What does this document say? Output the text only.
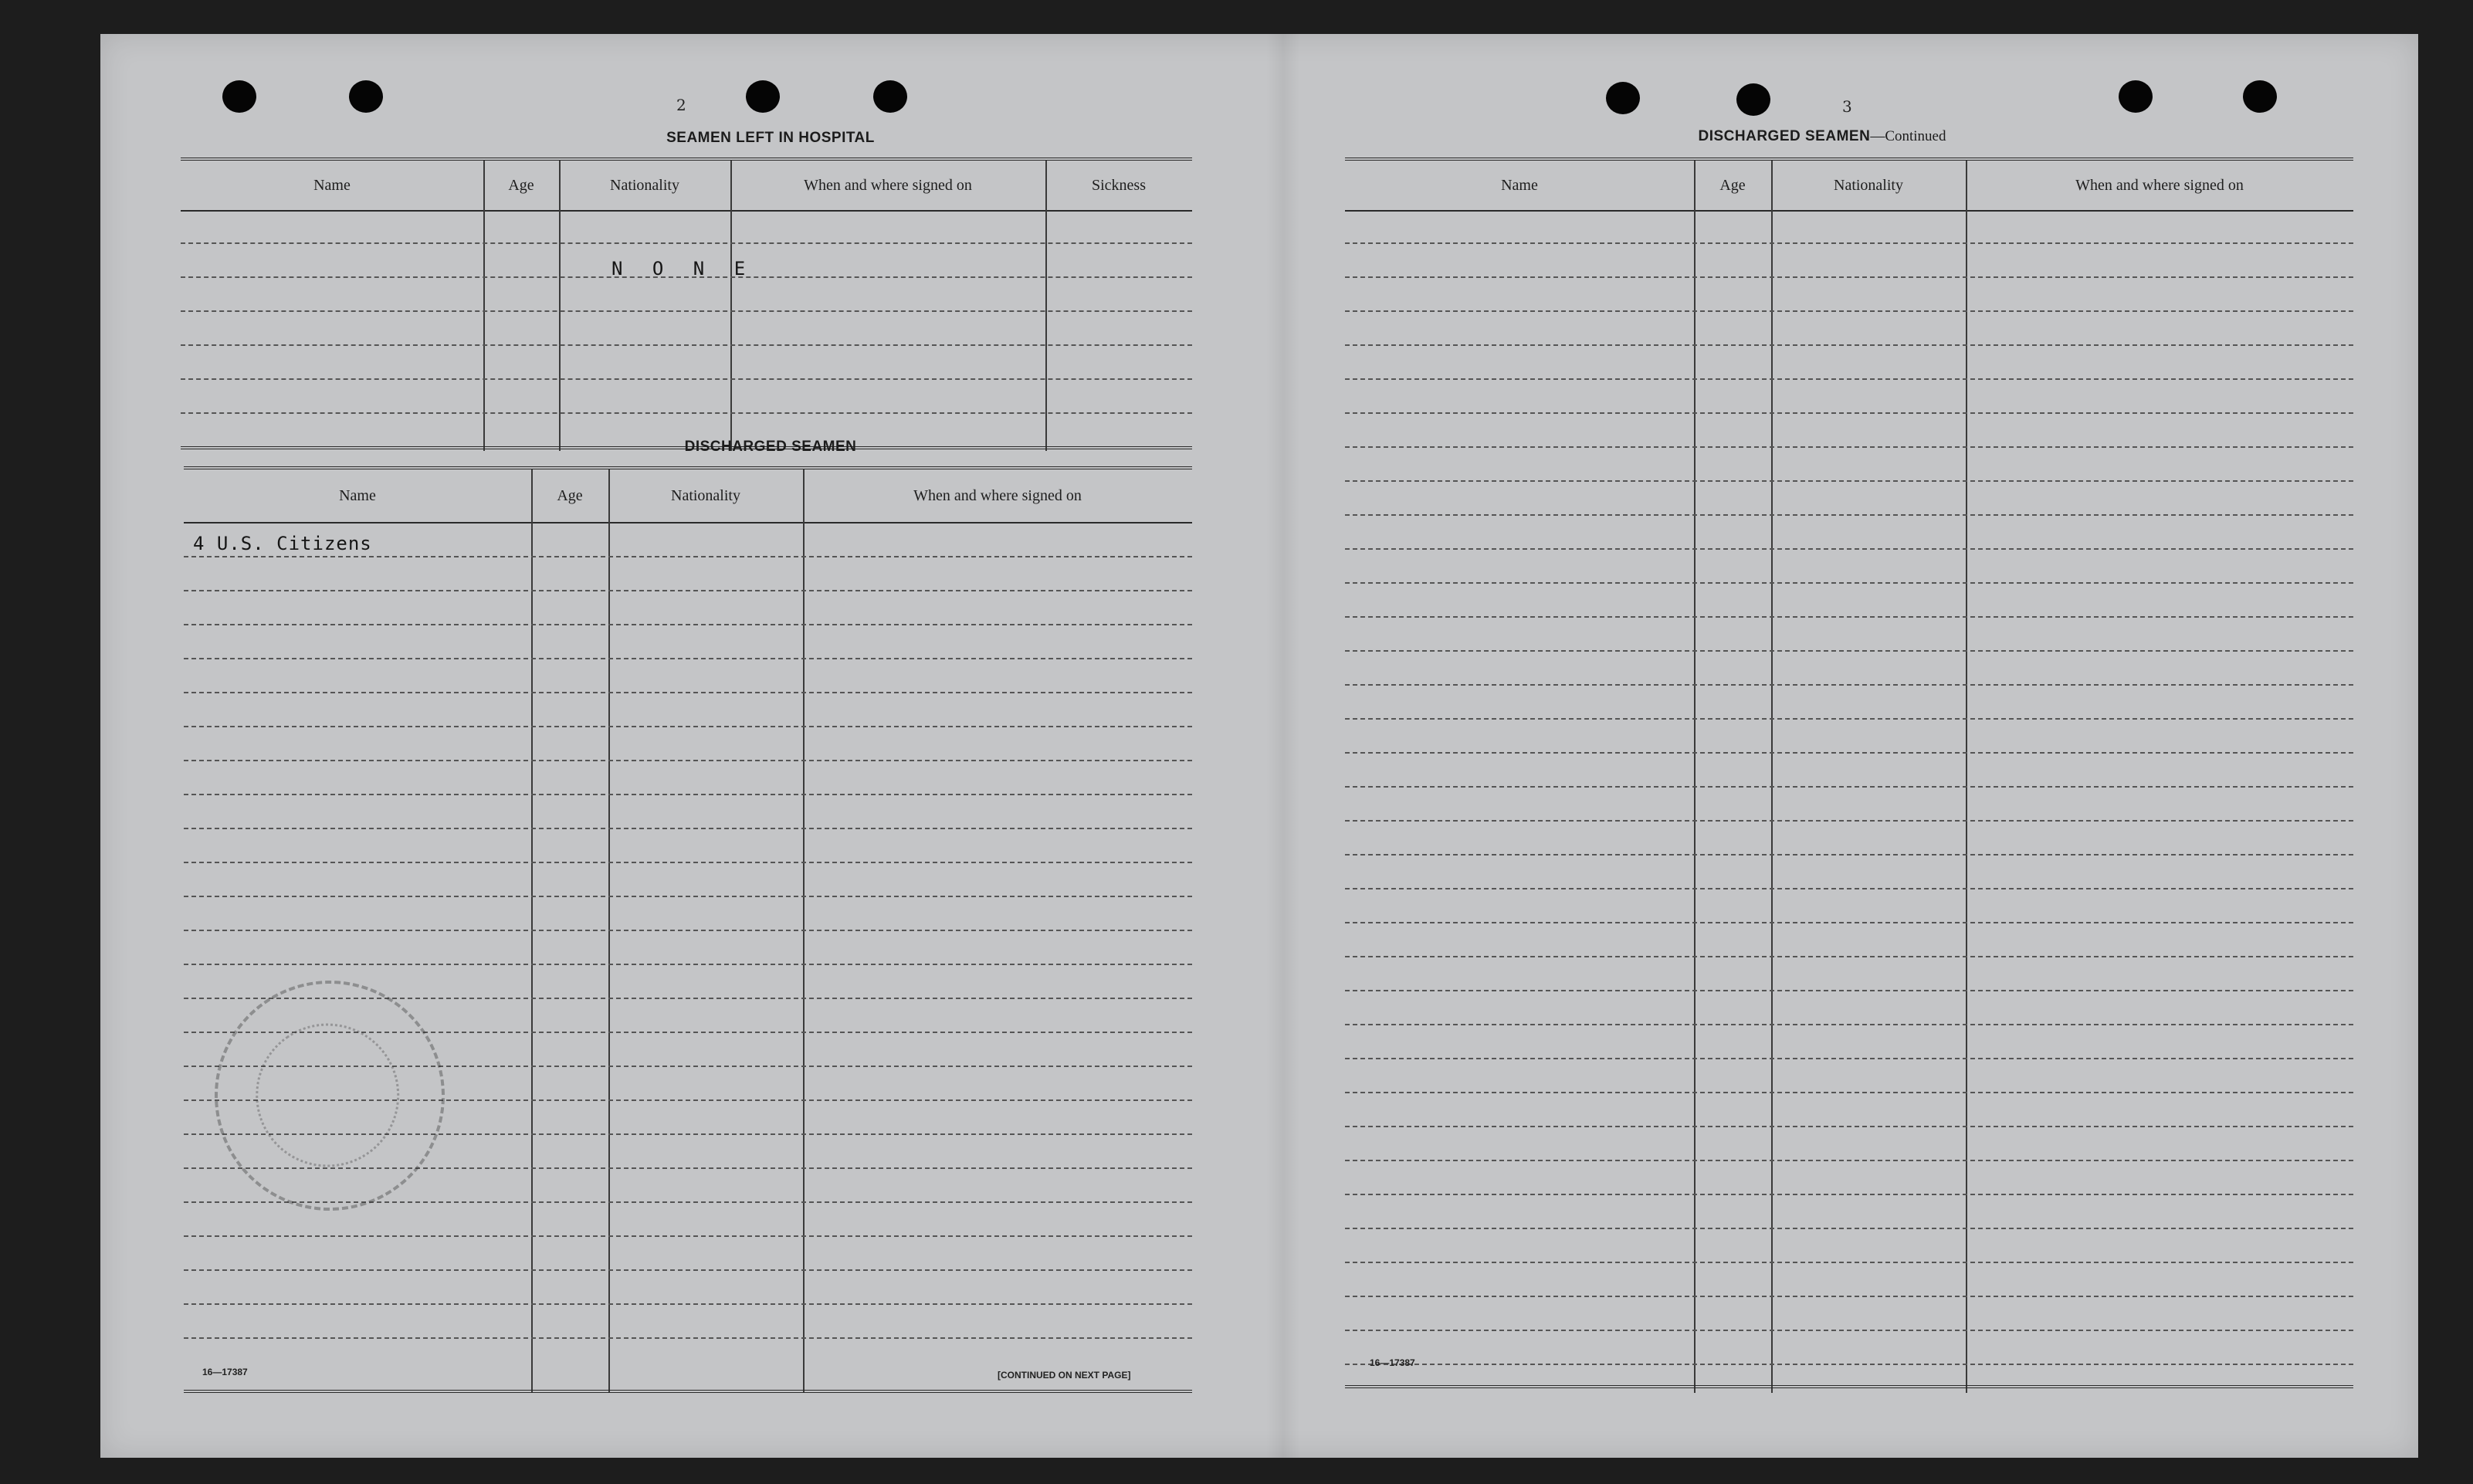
2
SEAMEN LEFT IN HOSPITAL
Name	Age	Nationality	When and where signed on	Sickness
N O N E
DISCHARGED SEAMEN
Name	Age	Nationality	When and where signed on
4 U.S. Citizens
16—17387	[CONTINUED ON NEXT PAGE]
3
DISCHARGED SEAMEN—Continued
Name	Age	Nationality	When and where signed on
16—17387
